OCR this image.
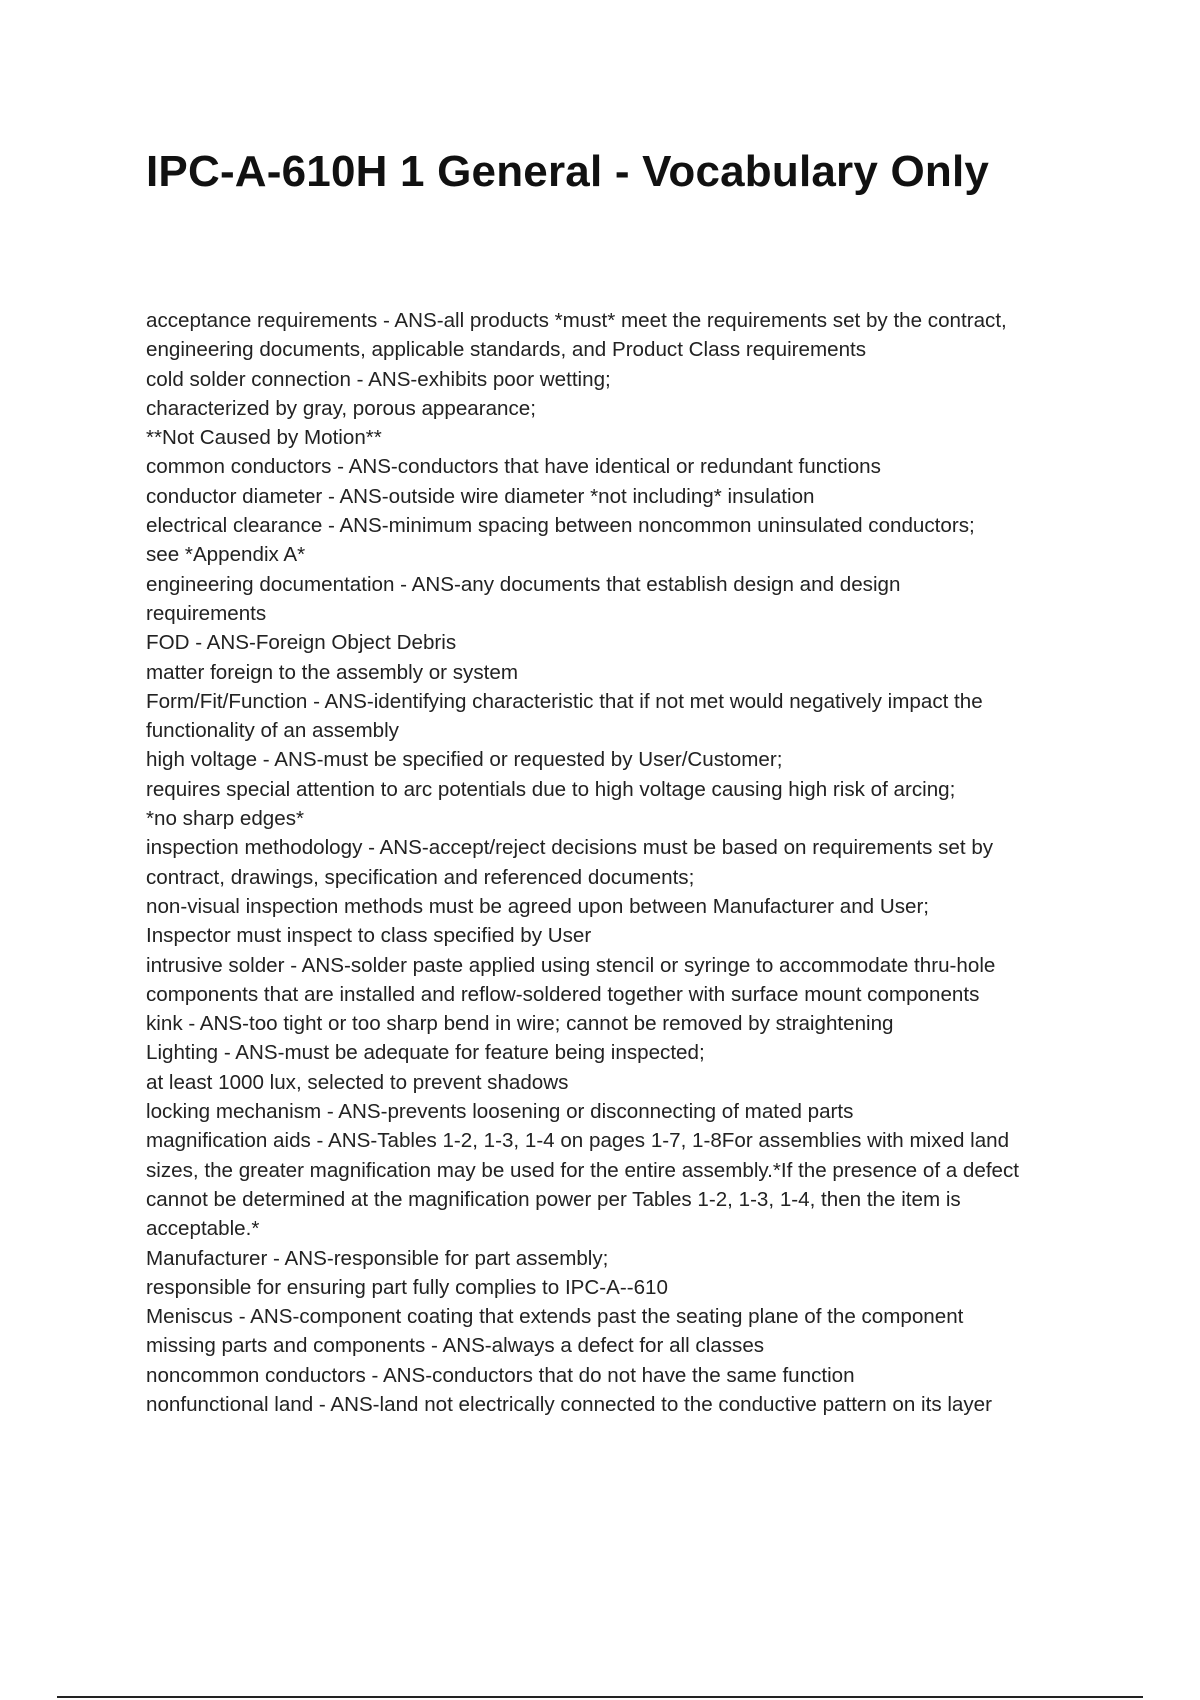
IPC-A-610H 1 General - Vocabulary Only
acceptance requirements - ANS-all products *must* meet the requirements set by the contract,
engineering documents, applicable standards, and Product Class requirements
cold solder connection - ANS-exhibits poor wetting;
characterized by gray, porous appearance;
**Not Caused by Motion**
common conductors - ANS-conductors that have identical or redundant functions
conductor diameter - ANS-outside wire diameter *not including* insulation
electrical clearance - ANS-minimum spacing between noncommon uninsulated conductors;
see *Appendix A*
engineering documentation - ANS-any documents that establish design and design
requirements
FOD - ANS-Foreign Object Debris
matter foreign to the assembly or system
Form/Fit/Function - ANS-identifying characteristic that if not met would negatively impact the
functionality of an assembly
high voltage - ANS-must be specified or requested by User/Customer;
requires special attention to arc potentials due to high voltage causing high risk of arcing;
*no sharp edges*
inspection methodology - ANS-accept/reject decisions must be based on requirements set by
contract, drawings, specification and referenced documents;
non-visual inspection methods must be agreed upon between Manufacturer and User;
Inspector must inspect to class specified by User
intrusive solder - ANS-solder paste applied using stencil or syringe to accommodate thru-hole
components that are installed and reflow-soldered together with surface mount components
kink - ANS-too tight or too sharp bend in wire; cannot be removed by straightening
Lighting - ANS-must be adequate for feature being inspected;
at least 1000 lux, selected to prevent shadows
locking mechanism - ANS-prevents loosening or disconnecting of mated parts
magnification aids - ANS-Tables 1-2, 1-3, 1-4 on pages 1-7, 1-8For assemblies with mixed land
sizes, the greater magnification may be used for the entire assembly.*If the presence of a defect
cannot be determined at the magnification power per Tables 1-2, 1-3, 1-4, then the item is
acceptable.*
Manufacturer - ANS-responsible for part assembly;
responsible for ensuring part fully complies to IPC-A--610
Meniscus - ANS-component coating that extends past the seating plane of the component
missing parts and components - ANS-always a defect for all classes
noncommon conductors - ANS-conductors that do not have the same function
nonfunctional land - ANS-land not electrically connected to the conductive pattern on its layer
